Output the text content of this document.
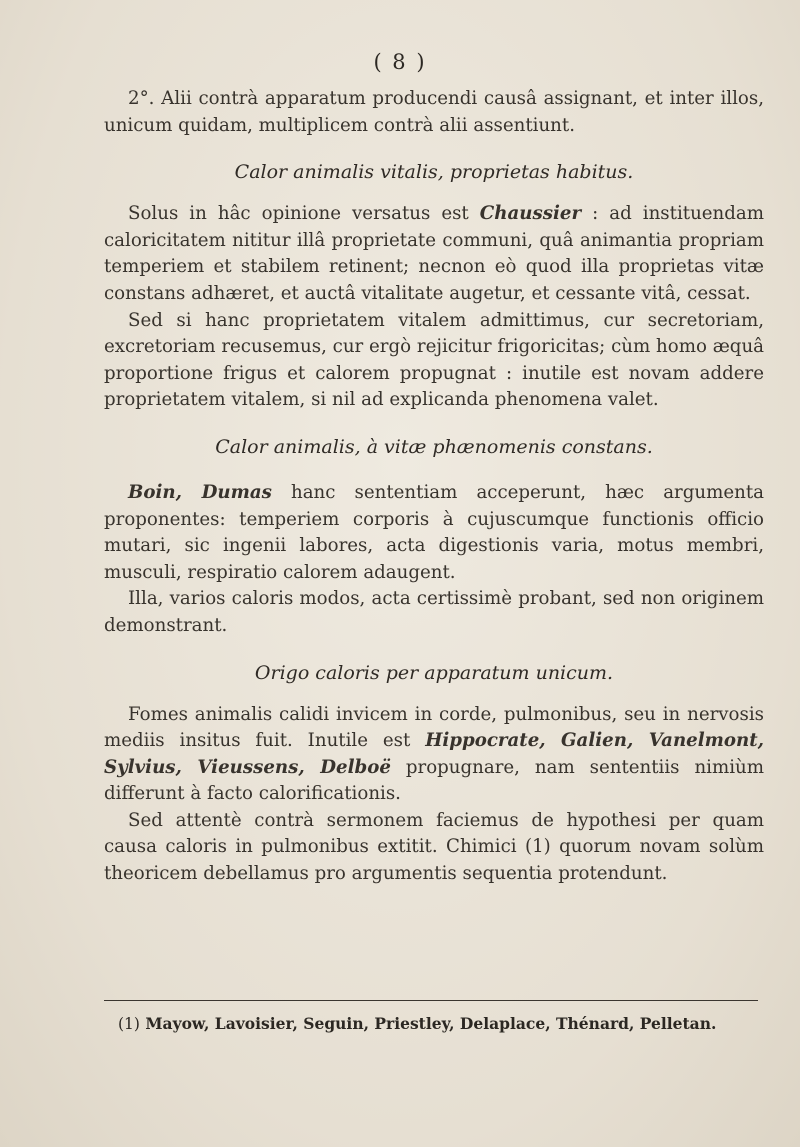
( 8 )

2°. Alii contrà apparatum producendi causâ assignant, et inter illos, unicum quidam, multiplicem contrà alii assentiunt.

Calor animalis vitalis, proprietas habitus.

Solus in hâc opinione versatus est Chaussier : ad instituendam caloricitatem nititur illâ proprietate communi, quâ animantia propriam temperiem et stabilem retinent; necnon eò quod illa proprietas vitæ constans adhæret, et auctâ vitalitate augetur, et cessante vitâ, cessat.

Sed si hanc proprietatem vitalem admittimus, cur secretoriam, excretoriam recusemus, cur ergò rejicitur frigoricitas; cùm homo æquâ proportione frigus et calorem propugnat : inutile est novam addere proprietatem vitalem, si nil ad explicanda phenomena valet.

Calor animalis, à vitæ phænomenis constans.

Boin, Dumas hanc sententiam acceperunt, hæc argumenta proponentes: temperiem corporis à cujuscumque functionis officio mutari, sic ingenii labores, acta digestionis varia, motus membri, musculi, respiratio calorem adaugent.

Illa, varios caloris modos, acta certissimè probant, sed non originem demonstrant.

Origo caloris per apparatum unicum.

Fomes animalis calidi invicem in corde, pulmonibus, seu in nervosis mediis insitus fuit. Inutile est Hippocrate, Galien, Vanelmont, Sylvius, Vieussens, Delboë propugnare, nam sententiis nimiùm differunt à facto calorificationis.

Sed attentè contrà sermonem faciemus de hypothesi per quam causa caloris in pulmonibus extitit. Chimici (1) quorum novam solùm theoricem debellamus pro argumentis sequentia protendunt.

(1) Mayow, Lavoisier, Seguin, Priestley, Delaplace, Thénard, Pelletan.
